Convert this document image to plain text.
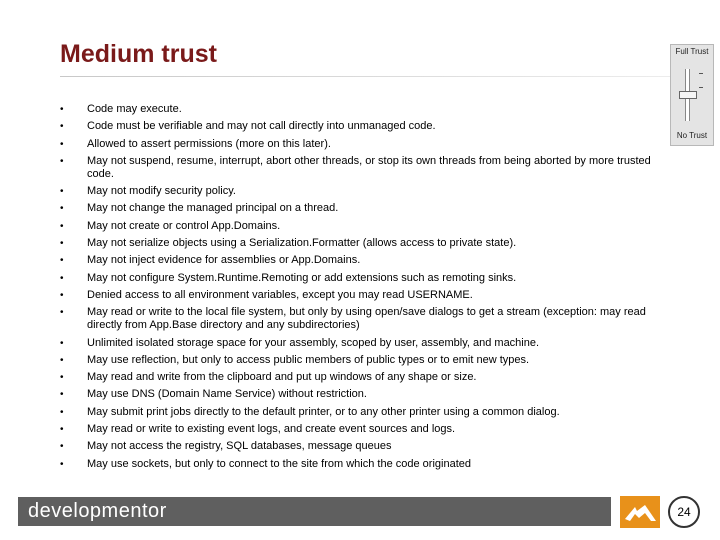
Medium trust	Full Trust
No Trust
• Code may execute.
• Code must be verifiable and may not call directly into unmanaged code.
• Allowed to assert permissions (more on this later).
• May not suspend, resume, interrupt, abort other threads, or stop its own threads from being aborted by more trusted code.
• May not modify security policy.
• May not change the managed principal on a thread.
• May not create or control App.Domains.
• May not serialize objects using a Serialization.Formatter (allows access to private state).
• May not inject evidence for assemblies or App.Domains.
• May not configure System.Runtime.Remoting or add extensions such as remoting sinks.
• Denied access to all environment variables, except you may read USERNAME.
• May read or write to the local file system, but only by using open/save dialogs to get a stream (exception: may read directly from App.Base directory and any subdirectories)
• Unlimited isolated storage space for your assembly, scoped by user, assembly, and machine.
• May use reflection, but only to access public members of public types or to emit new types.
• May read and write from the clipboard and put up windows of any shape or size.
• May use DNS (Domain Name Service) without restriction.
• May submit print jobs directly to the default printer, or to any other printer using a common dialog.
• May read or write to existing event logs, and create event sources and logs.
• May not access the registry, SQL databases, message queues
• May use sockets, but only to connect to the site from which the code originated
developmentor	24
